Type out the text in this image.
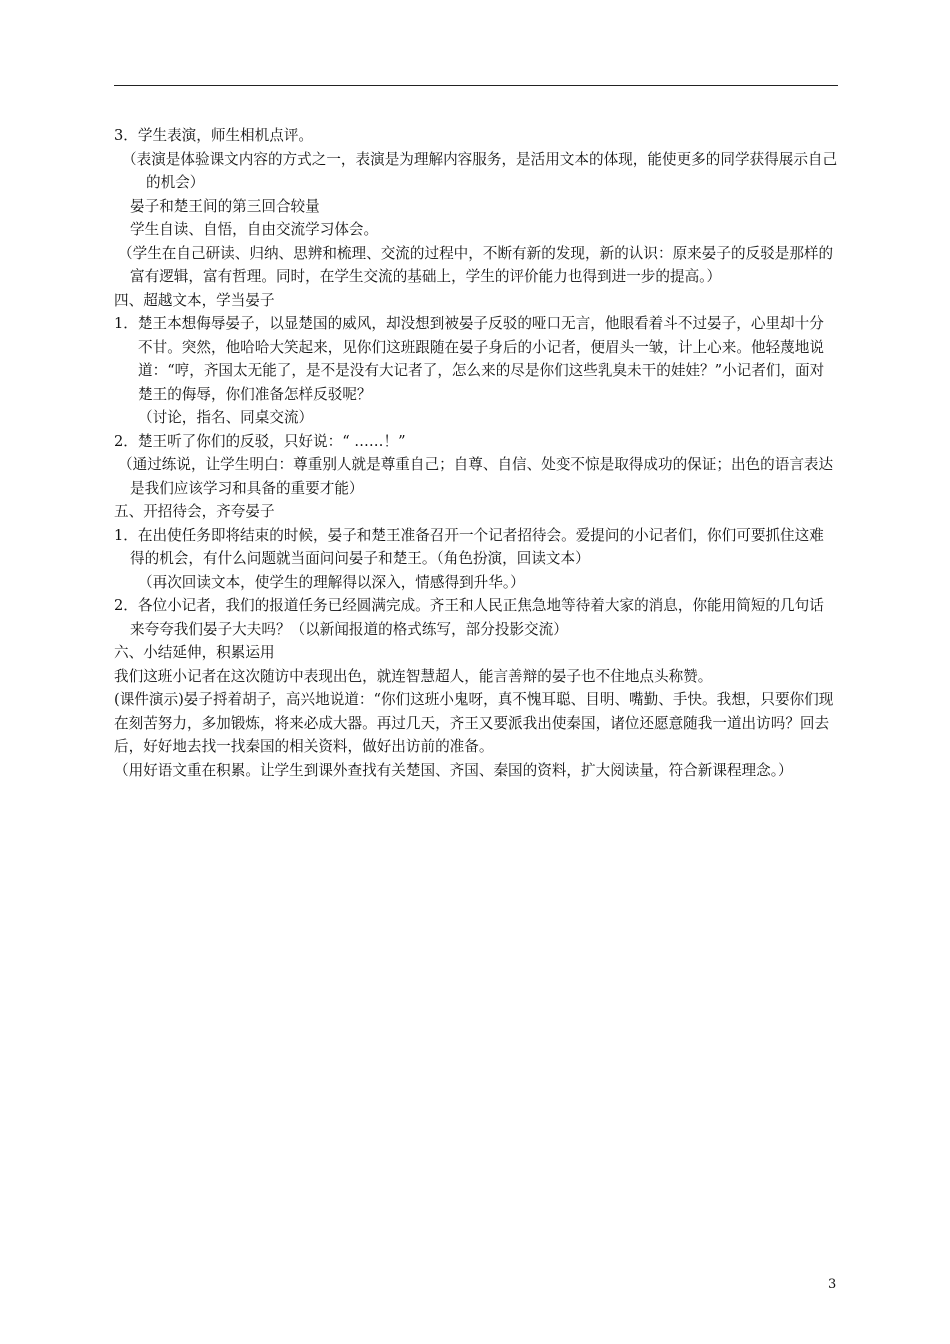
3．学生表演，师生相机点评。

（表演是体验课文内容的方式之一，表演是为理解内容服务，是活用文本的体现，能使更多的同学获得展示自己的机会）

晏子和楚王间的第三回合较量

学生自读、自悟，自由交流学习体会。

（学生在自己研读、归纳、思辨和梳理、交流的过程中，不断有新的发现，新的认识：原来晏子的反驳是那样的富有逻辑，富有哲理。同时，在学生交流的基础上，学生的评价能力也得到进一步的提高。）

四、超越文本，学当晏子

1．楚王本想侮辱晏子，以显楚国的威风，却没想到被晏子反驳的哑口无言，他眼看着斗不过晏子，心里却十分不甘。突然，他哈哈大笑起来，见你们这班跟随在晏子身后的小记者，便眉头一皱，计上心来。他轻蔑地说道：“哼，齐国太无能了，是不是没有大记者了，怎么来的尽是你们这些乳臭未干的娃娃？”小记者们，面对楚王的侮辱，你们准备怎样反驳呢？

（讨论，指名、同桌交流）

2．楚王听了你们的反驳，只好说：“ ……！”

（通过练说，让学生明白：尊重别人就是尊重自己；自尊、自信、处变不惊是取得成功的保证；出色的语言表达是我们应该学习和具备的重要才能）

五、开招待会，齐夸晏子

1．在出使任务即将结束的时候，晏子和楚王准备召开一个记者招待会。爱提问的小记者们，你们可要抓住这难得的机会，有什么问题就当面问问晏子和楚王。（角色扮演，回读文本）

（再次回读文本，使学生的理解得以深入，情感得到升华。）

2．各位小记者，我们的报道任务已经圆满完成。齐王和人民正焦急地等待着大家的消息，你能用简短的几句话来夸夸我们晏子大夫吗？（以新闻报道的格式练写，部分投影交流）

六、小结延伸，积累运用

我们这班小记者在这次随访中表现出色，就连智慧超人，能言善辩的晏子也不住地点头称赞。

(课件演示)晏子捋着胡子，高兴地说道：“你们这班小鬼呀，真不愧耳聪、目明、嘴勤、手快。我想，只要你们现在刻苦努力，多加锻炼，将来必成大器。再过几天，齐王又要派我出使秦国，诸位还愿意随我一道出访吗？回去后，好好地去找一找秦国的相关资料，做好出访前的准备。

（用好语文重在积累。让学生到课外查找有关楚国、齐国、秦国的资料，扩大阅读量，符合新课程理念。）

3
